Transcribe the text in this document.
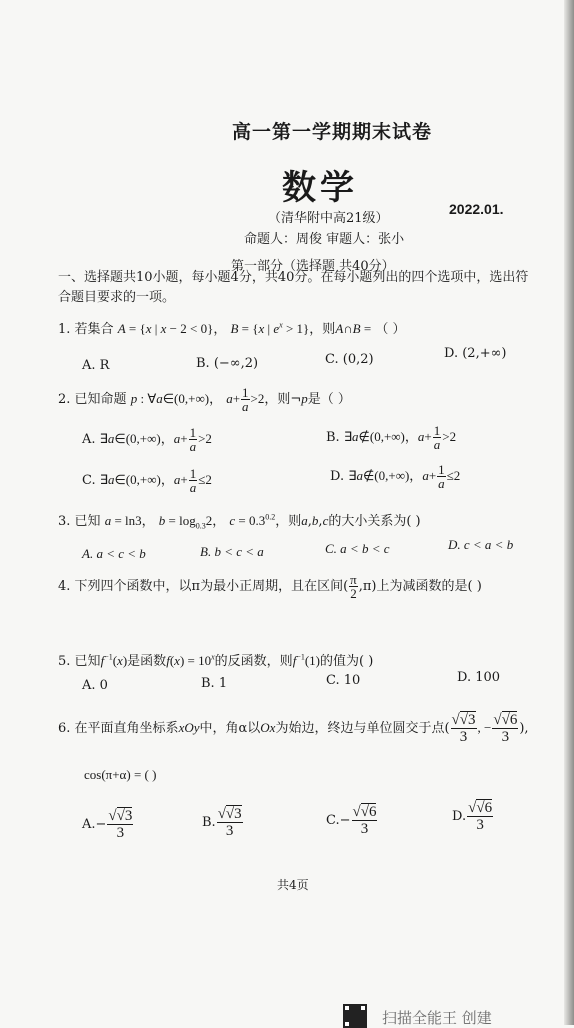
高一第一学期期末试卷
数学
（清华附中高21级）
2022.01.
命题人：周俊 审题人：张小
第一部分（选择题 共40分）
一、选择题共10小题，每小题4分，共40分。在每小题列出的四个选项中，选出符合题目要求的一项。
1. 若集合 A = {x | x − 2 < 0}， B = {x | $e^x > 1$}，则A∩B = （ ）
A. R	B. (−∞,2)	C. (0,2)	D. (2,+∞)
2. 已知命题 p : ∀a∈(0,+∞)， $a+ \frac{1}{a} >2$，则¬p是（ ）
A. ∃a∈(0,+∞)，$a+ \frac{1}{a} >2$	B. ∃a∉(0,+∞)，$a+ \frac{1}{a} >2$
C. ∃a∈(0,+∞)，$a+ \frac{1}{a} \le 2$	D. ∃a∉(0,+∞)，$a+ \frac{1}{a} \le 2$
3. 已知 a = ln3， $b = \log_{0.3}2$， $c = 0.3^{0.2}$，则a,b,c的大小关系为( )
A. a < c < b	B. b < c < a	C. a < b < c	D. c < a < b
4. 下列四个函数中，以π为最小正周期，且在区间( $\frac{\pi}{2} ,\pi$)上为减函数的是( )
5. 已知$f^{-1}(x)$是函数$f(x) = 10^x$的反函数，则$f^{-1}(1)$的值为( )
A. 0	B. 1	C. 10	D. 100
6. 在平面直角坐标系xOy中，角α以Ox为始边，终边与单位圆交于点( $\frac{√ √ 3}{3}$ , − $\frac{√ √ 6}{3}$ ),
cos(π+α) = ( )
$A.- \frac{√ √ 3}{3}$	B. $\frac{√ √ 3}{3}$	$C.- \frac{√ √ 6}{3}$	D. $\frac{√ √ 6}{3}$
共4页
扫描全能王 创建
